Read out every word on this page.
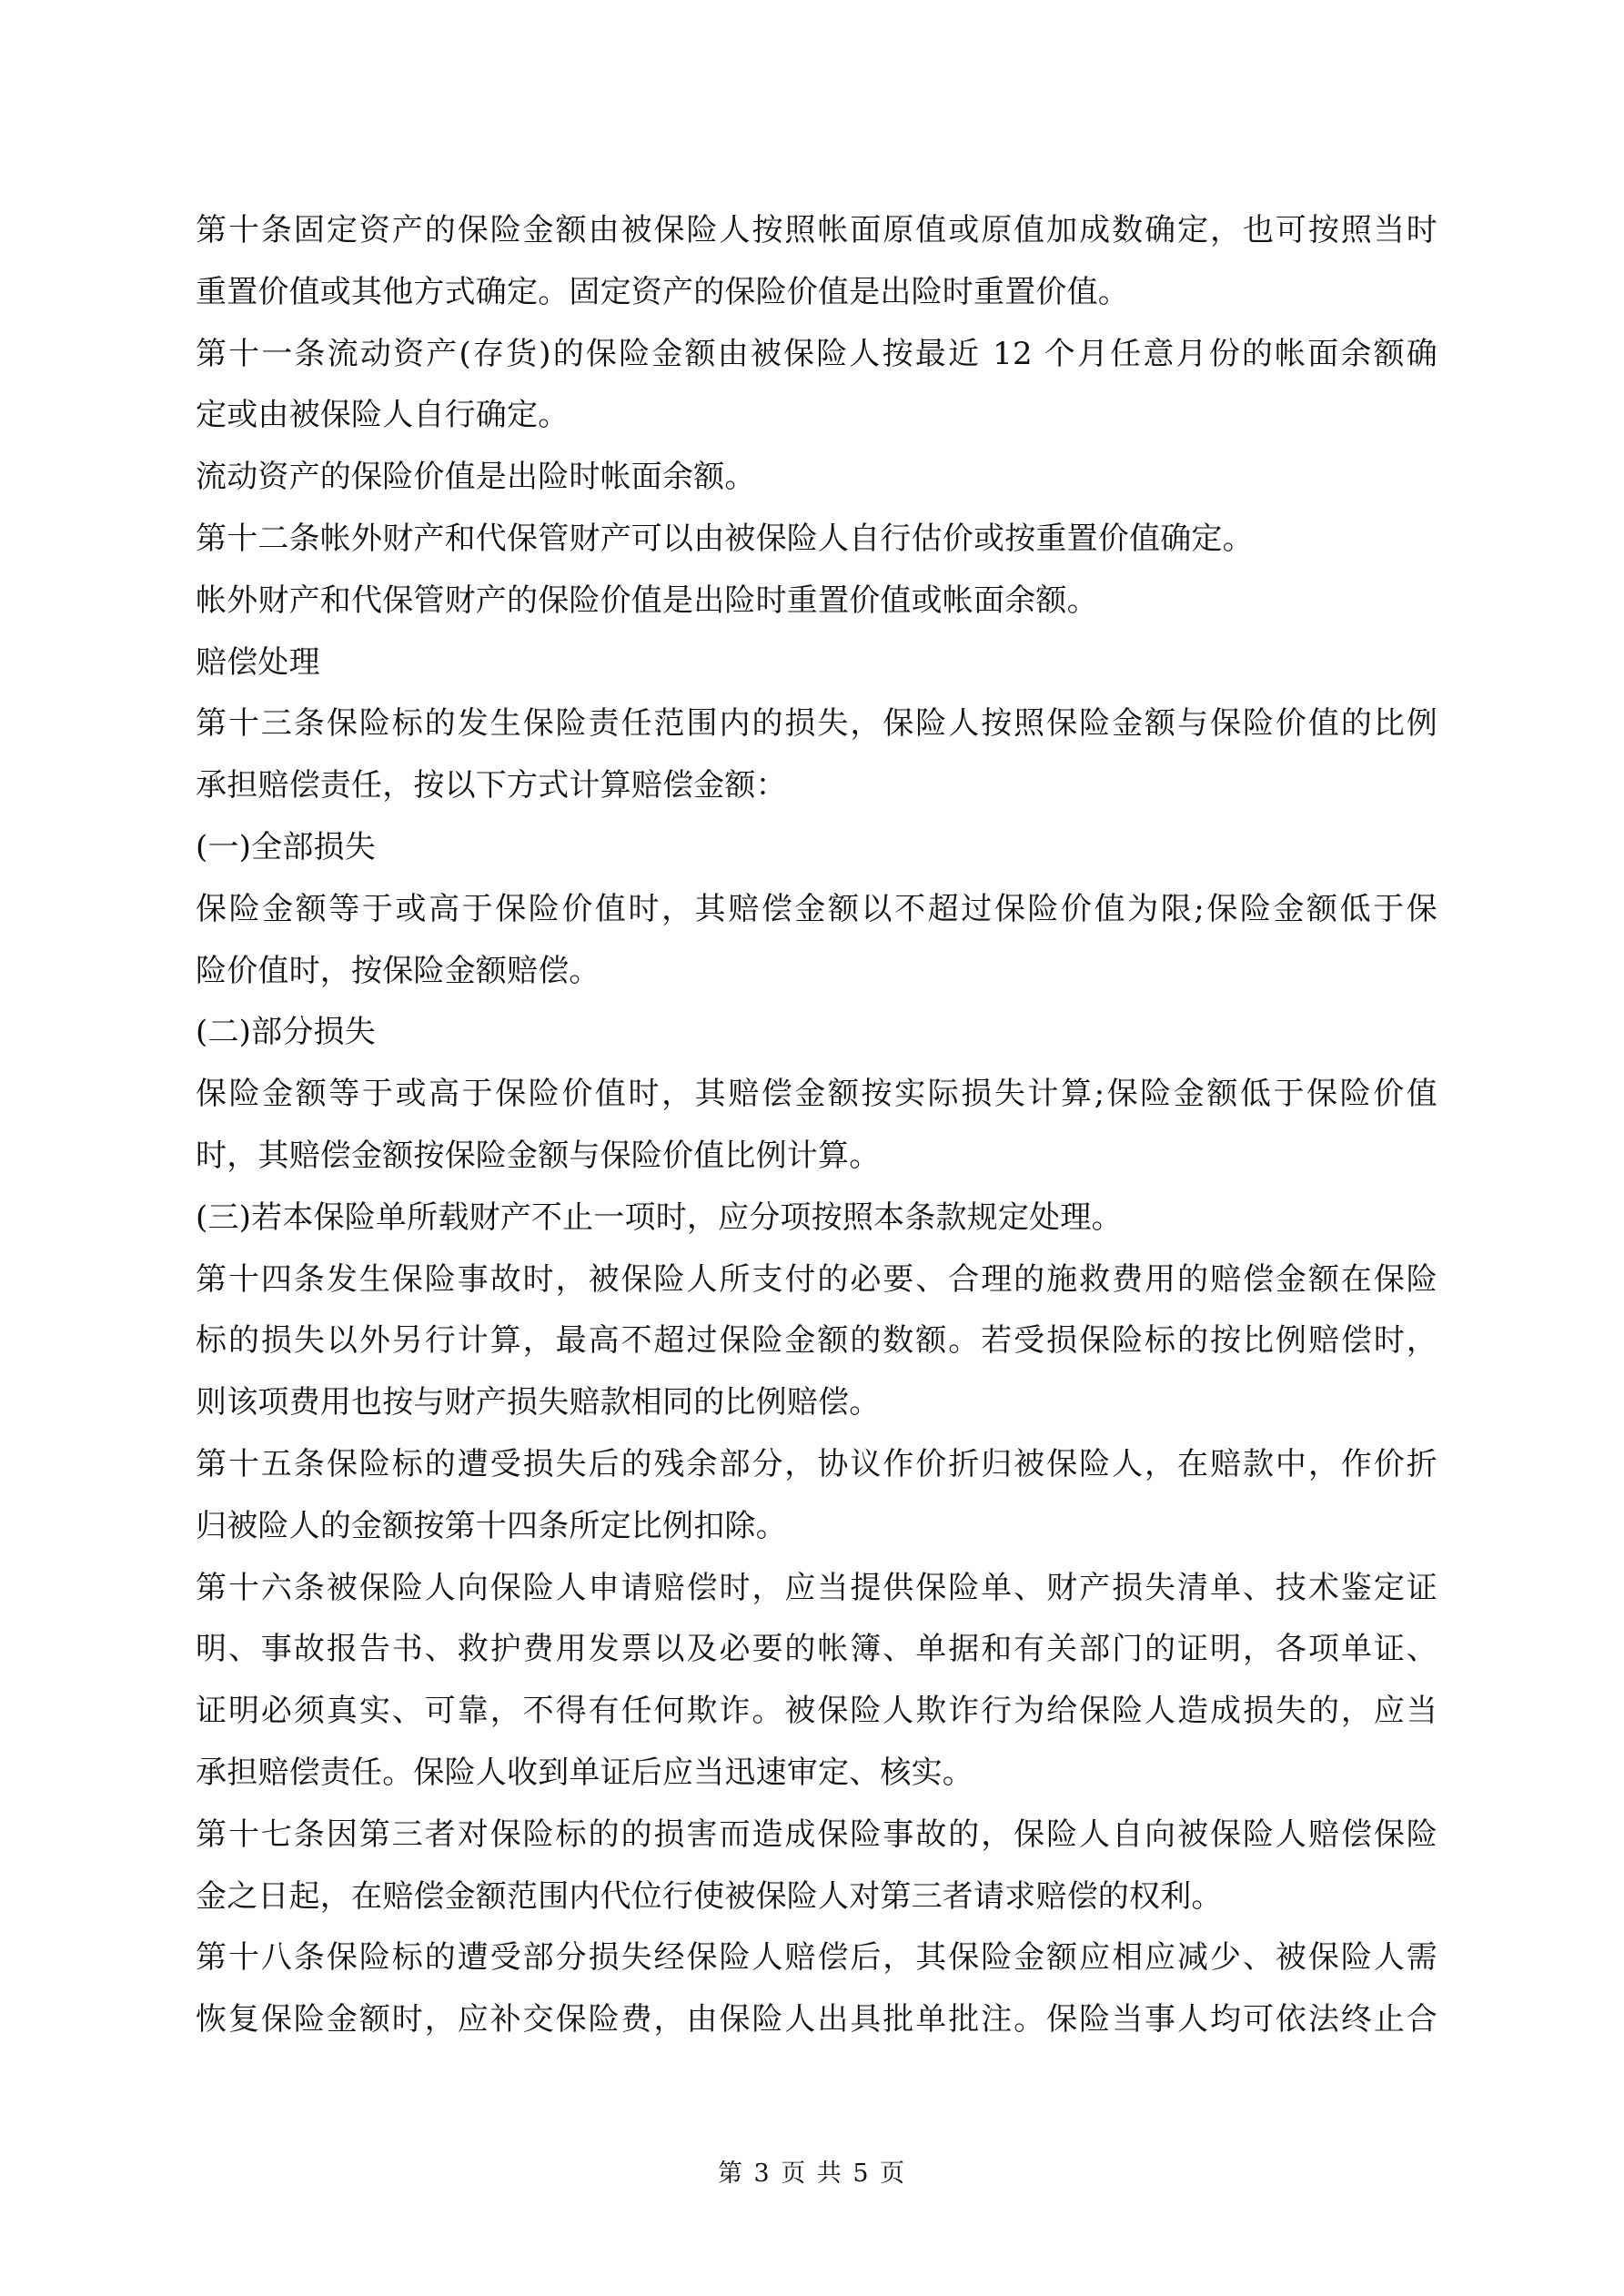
第十条固定资产的保险金额由被保险人按照帐面原值或原值加成数确定，也可按照当时
重置价值或其他方式确定。固定资产的保险价值是出险时重置价值。
第十一条流动资产(存货)的保险金额由被保险人按最近 12 个月任意月份的帐面余额确
定或由被保险人自行确定。
流动资产的保险价值是出险时帐面余额。
第十二条帐外财产和代保管财产可以由被保险人自行估价或按重置价值确定。
帐外财产和代保管财产的保险价值是出险时重置价值或帐面余额。
赔偿处理
第十三条保险标的发生保险责任范围内的损失，保险人按照保险金额与保险价值的比例
承担赔偿责任，按以下方式计算赔偿金额：
(一)全部损失
保险金额等于或高于保险价值时，其赔偿金额以不超过保险价值为限;保险金额低于保
险价值时，按保险金额赔偿。
(二)部分损失
保险金额等于或高于保险价值时，其赔偿金额按实际损失计算;保险金额低于保险价值
时，其赔偿金额按保险金额与保险价值比例计算。
(三)若本保险单所载财产不止一项时，应分项按照本条款规定处理。
第十四条发生保险事故时，被保险人所支付的必要、合理的施救费用的赔偿金额在保险
标的损失以外另行计算，最高不超过保险金额的数额。若受损保险标的按比例赔偿时，
则该项费用也按与财产损失赔款相同的比例赔偿。
第十五条保险标的遭受损失后的残余部分，协议作价折归被保险人，在赔款中，作价折
归被险人的金额按第十四条所定比例扣除。
第十六条被保险人向保险人申请赔偿时，应当提供保险单、财产损失清单、技术鉴定证
明、事故报告书、救护费用发票以及必要的帐簿、单据和有关部门的证明，各项单证、
证明必须真实、可靠，不得有任何欺诈。被保险人欺诈行为给保险人造成损失的，应当
承担赔偿责任。保险人收到单证后应当迅速审定、核实。
第十七条因第三者对保险标的的损害而造成保险事故的，保险人自向被保险人赔偿保险
金之日起，在赔偿金额范围内代位行使被保险人对第三者请求赔偿的权利。
第十八条保险标的遭受部分损失经保险人赔偿后，其保险金额应相应减少、被保险人需
恢复保险金额时，应补交保险费，由保险人出具批单批注。保险当事人均可依法终止合
第 3 页 共 5 页
